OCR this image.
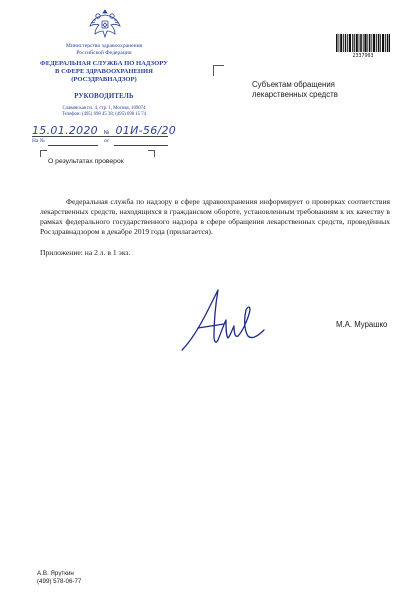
Министерство здравоохранения
Российской Федерации
ФЕДЕРАЛЬНАЯ СЛУЖБА ПО НАДЗОРУ
В СФЕРЕ ЗДРАВООХРАНЕНИЯ
(РОСЗДРАВНАДЗОР)
РУКОВОДИТЕЛЬ
Славянская пл. 4, стр. 1, Москва, 109074
Телефон: (495) 698 45 38; (495) 698 15 74
15.01.2020 № 01И-56/20
На №	от
2337903
Субъектам обращения
лекарственных средств
О результатах проверок
Федеральная служба по надзору в сфере здравоохранения информирует о проверках соответствия лекарственных средств, находящихся в гражданском обороте, установленным требованиям к их качеству в рамках федерального государственного надзора в сфере обращения лекарственных средств, проведённых Росздравнадзором в декабре 2019 года (прилагается).
Приложение: на 2 л. в 1 экз.
М.А. Мурашко
А.В. Ярүткин
(499) 578-06-77
